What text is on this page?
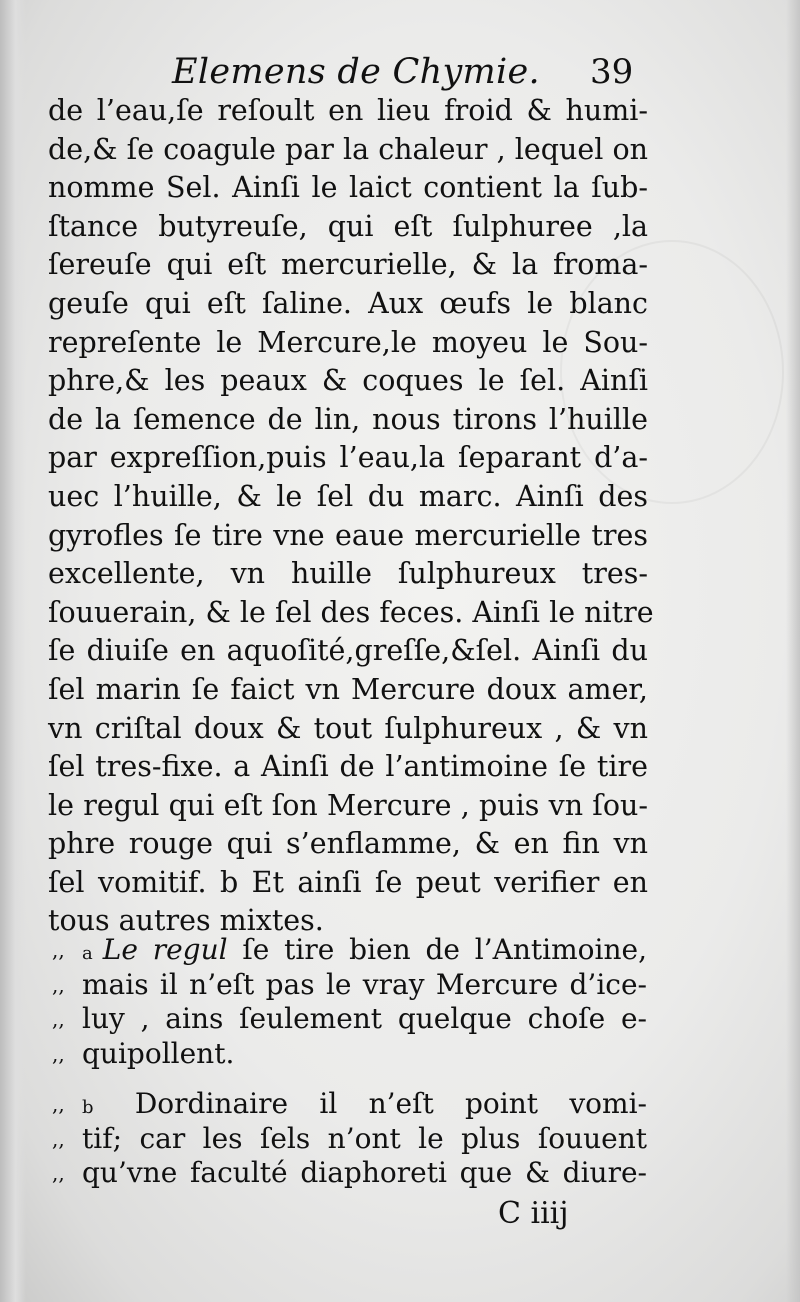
Elemens de Chymie. 39
de l’eau,ſe reſoult en lieu froid & humi-
de,& ſe coagule par la chaleur , lequel on
nomme Sel. Ainſi le laict contient la ſub-
ſtance butyreuſe, qui eſt ſulphuree ,la
ſereuſe qui eſt mercurielle, & la froma-
geuſe qui eſt ſaline. Aux œufs le blanc
repreſente le Mercure,le moyeu le Sou-
phre,& les peaux & coques le ſel. Ainſi
de la ſemence de lin, nous tirons l’huille
par expreſſion,puis l’eau,la ſeparant d’a-
uec l’huille, & le ſel du marc. Ainſi des
gyrofles ſe tire vne eaue mercurielle tres
excellente, vn huille ſulphureux tres-
ſouuerain, & le ſel des feces. Ainſi le nitre
ſe diuiſe en aquoſité,greſſe,&ſel. Ainſi du
ſel marin ſe faict vn Mercure doux amer,
vn criſtal doux & tout ſulphureux , & vn
ſel tres-fixe. a Ainſi de l’antimoine ſe tire
le regul qui eſt ſon Mercure , puis vn ſou-
phre rouge qui s’enflamme, & en fin vn
ſel vomitif. b Et ainſi ſe peut verifier en
tous autres mixtes.
,, a Le regul ſe tire bien de l’Antimoine,
,, mais il n’eſt pas le vray Mercure d’ice-
,, luy , ains ſeulement quelque choſe e-
,, quipollent.
,, b Dordinaire il n’eſt point vomi-
,, tif; car les ſels n’ont le plus ſouuent
,, qu’vne faculté diaphoreti que & diure-
C iiij
